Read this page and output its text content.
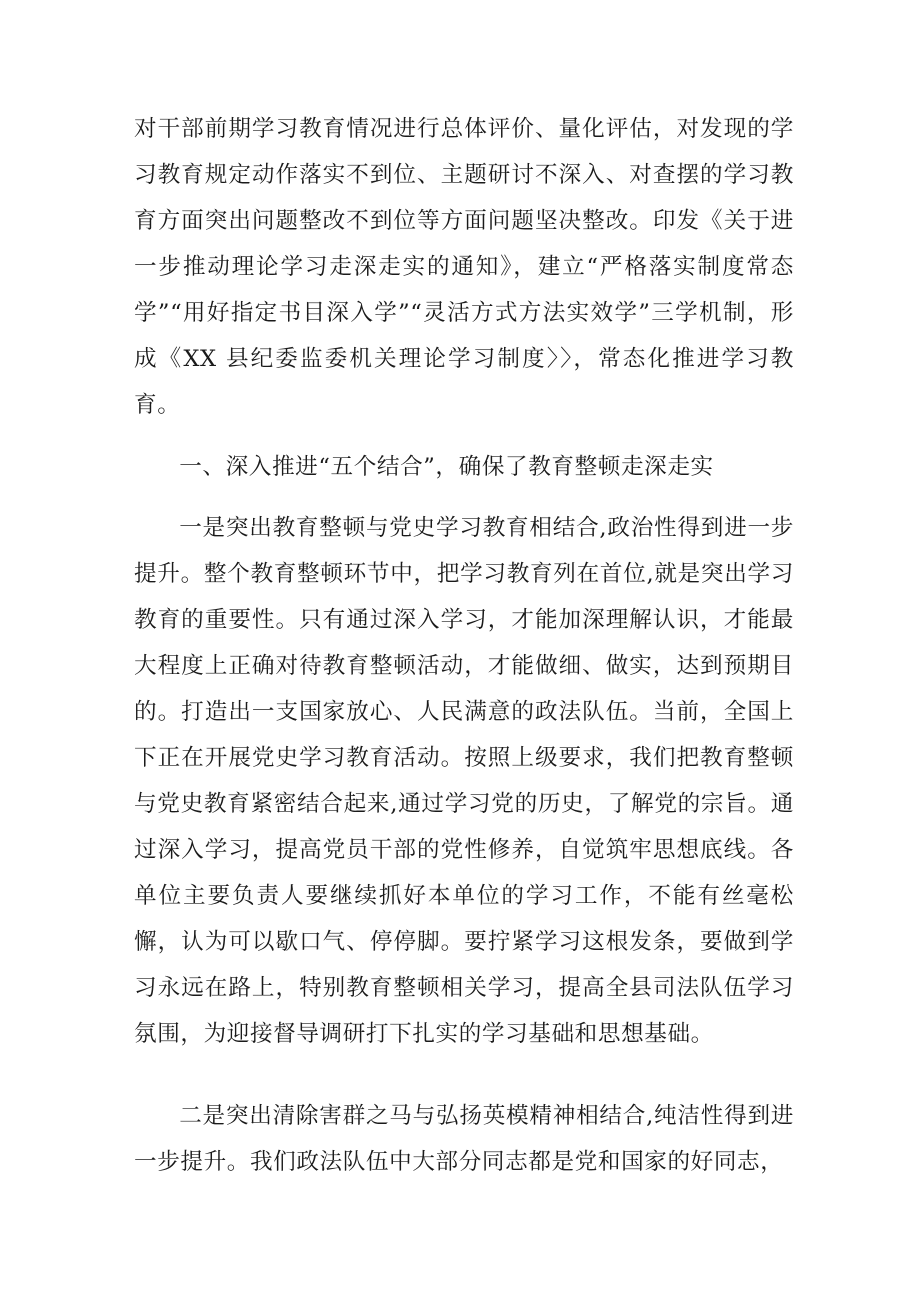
对干部前期学习教育情况进行总体评价、量化评估，对发现的学习教育规定动作落实不到位、主题研讨不深入、对查摆的学习教育方面突出问题整改不到位等方面问题坚决整改。印发《关于进一步推动理论学习走深走实的通知》，建立“严格落实制度常态学”“用好指定书目深入学”“灵活方式方法实效学”三学机制，形成《XX 县纪委监委机关理论学习制度〉〉，常态化推进学习教育。

一、深入推进“五个结合”，确保了教育整顿走深走实

一是突出教育整顿与党史学习教育相结合,政治性得到进一步提升。整个教育整顿环节中，把学习教育列在首位,就是突出学习教育的重要性。只有通过深入学习，才能加深理解认识，才能最大程度上正确对待教育整顿活动，才能做细、做实，达到预期目的。打造出一支国家放心、人民满意的政法队伍。当前，全国上下正在开展党史学习教育活动。按照上级要求，我们把教育整顿与党史教育紧密结合起来,通过学习党的历史，了解党的宗旨。通过深入学习，提高党员干部的党性修养，自觉筑牢思想底线。各单位主要负责人要继续抓好本单位的学习工作，不能有丝毫松懈，认为可以歇口气、停停脚。要拧紧学习这根发条，要做到学习永远在路上，特别教育整顿相关学习，提高全县司法队伍学习氛围，为迎接督导调研打下扎实的学习基础和思想基础。

二是突出清除害群之马与弘扬英模精神相结合,纯洁性得到进一步提升。我们政法队伍中大部分同志都是党和国家的好同志，
